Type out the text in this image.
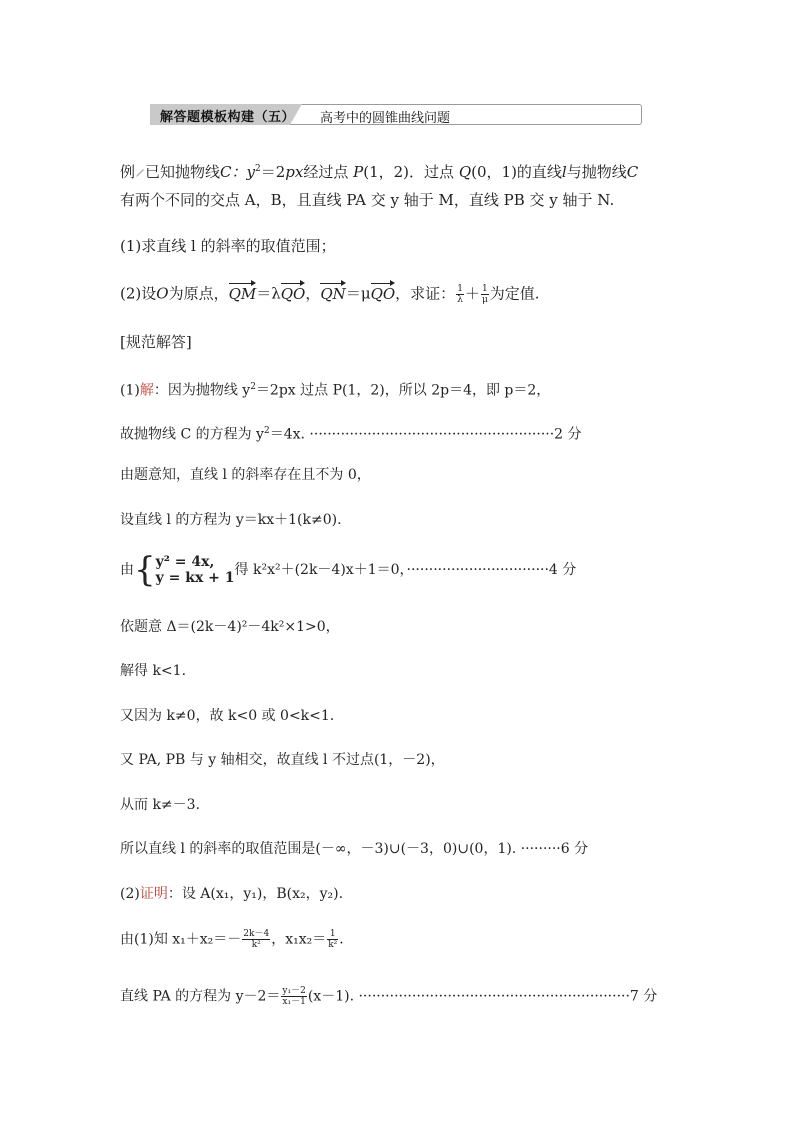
解答题模板构建（五） 高考中的圆锥曲线问题
例 已知抛物线C：$y^2=2px$经过点 P(1，2)．过点 Q(0，1)的直线l与抛物线C
有两个不同的交点 A，B，且直线 PA 交 y 轴于 M，直线 PB 交 y 轴于 N.
(1)求直线 l 的斜率的取值范围；
(2)设O为原点，QM＝λQO，QN＝μQO，求证： $\frac{1}{\lambda} + \frac{1}{\mu}$ 为定值.
[规范解答]
(1)解：因为抛物线 $y^2=2px$ 过点 P(1，2)，所以 2p＝4，即 p＝2，
故抛物线 C 的方程为 $y^2=4x$. ·······················································2 分
由题意知，直线 l 的斜率存在且不为 0，
设直线 l 的方程为 y＝kx＋1(k≠0).
由{ y² = 4x,
y = kx + 1 得 k²x²＋(2k－4)x＋1＝0，································4 分
依题意 Δ＝(2k－4)²－4k²×1>0，
解得 k<1.
又因为 k≠0，故 k<0 或 0<k<1.
又 PA, PB 与 y 轴相交，故直线 l 不过点(1，－2)，
从而 k≠－3.
所以直线 l 的斜率的取值范围是(－∞，－3)∪(－3，0)∪(0，1). ·········6 分
(2)证明：设 A(x₁，y₁)，B(x₂，y₂).
由(1)知 $x_1+x_2=- \frac{2k-4}{\text{k²}}$ ，$x_1x_2= \frac{1}{\text{k²}}$ .
直线 PA 的方程为 $y-2= \frac{\text{y₁－2}}{\text{x₁－1}} (x-1)$. ·····························································7 分
